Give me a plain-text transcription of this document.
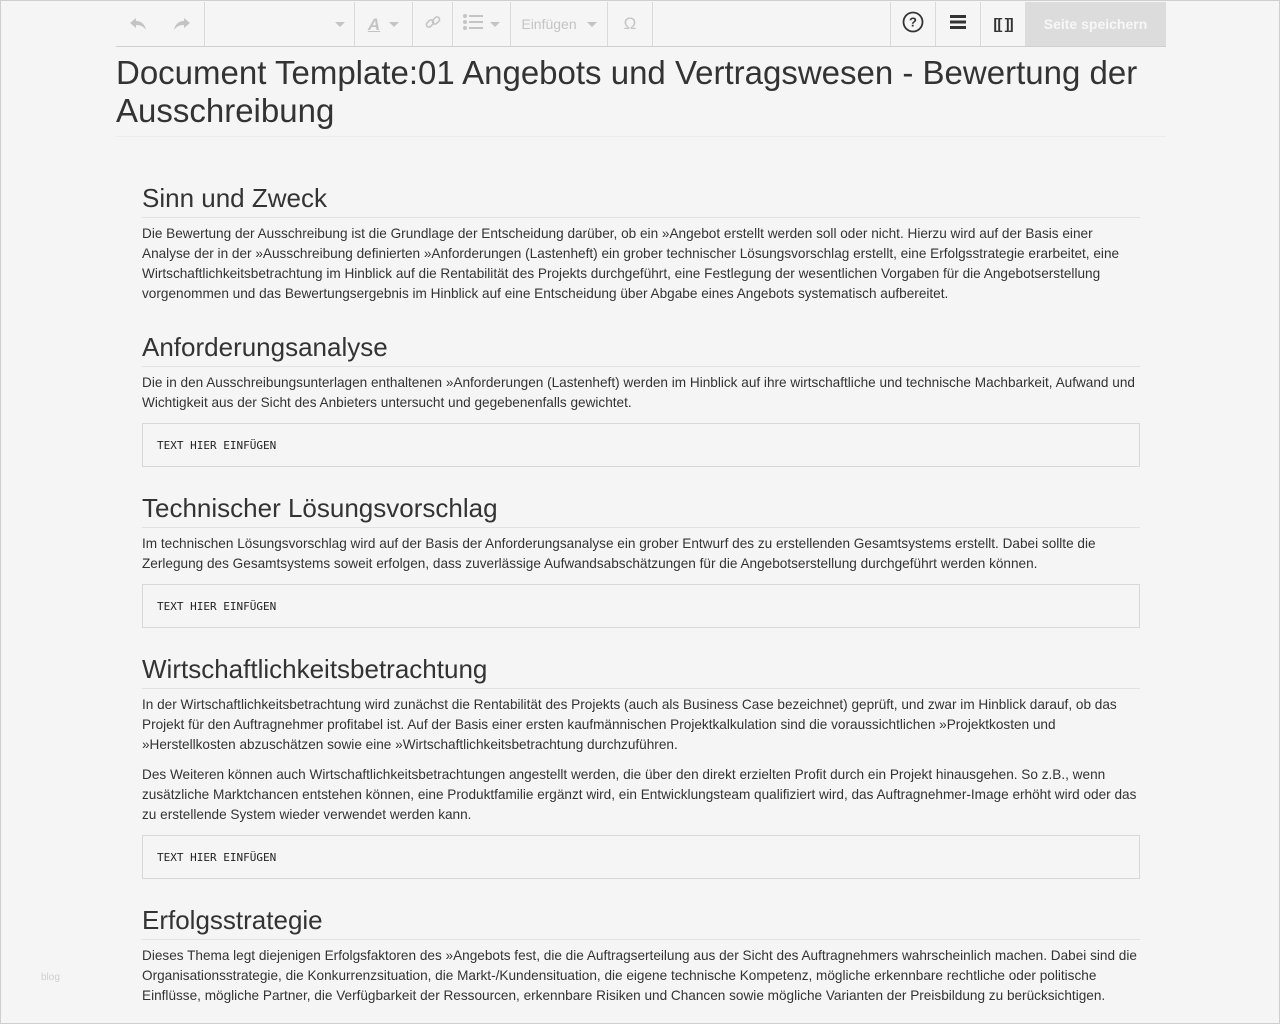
A	Einfügen	Ω	?	[[ ]]	Seite speichern
Document Template:01 Angebots und Vertragswesen - Bewertung der Ausschreibung
Sinn und Zweck

Die Bewertung der Ausschreibung ist die Grundlage der Entscheidung darüber, ob ein »Angebot erstellt werden soll oder nicht. Hierzu wird auf der Basis einer Analyse der in der »Ausschreibung definierten »Anforderungen (Lastenheft) ein grober technischer Lösungsvorschlag erstellt, eine Erfolgsstrategie erarbeitet, eine Wirtschaftlichkeitsbetrachtung im Hinblick auf die Rentabilität des Projekts durchgeführt, eine Festlegung der wesentlichen Vorgaben für die Angebotserstellung vorgenommen und das Bewertungsergebnis im Hinblick auf eine Entscheidung über Abgabe eines Angebots systematisch aufbereitet.

Anforderungsanalyse

Die in den Ausschreibungsunterlagen enthaltenen »Anforderungen (Lastenheft) werden im Hinblick auf ihre wirtschaftliche und technische Machbarkeit, Aufwand und Wichtigkeit aus der Sicht des Anbieters untersucht und gegebenenfalls gewichtet.

TEXT HIER EINFÜGEN
Technischer Lösungsvorschlag

Im technischen Lösungsvorschlag wird auf der Basis der Anforderungsanalyse ein grober Entwurf des zu erstellenden Gesamtsystems erstellt. Dabei sollte die Zerlegung des Gesamtsystems soweit erfolgen, dass zuverlässige Aufwandsabschätzungen für die Angebotserstellung durchgeführt werden können.

TEXT HIER EINFÜGEN
Wirtschaftlichkeitsbetrachtung

In der Wirtschaftlichkeitsbetrachtung wird zunächst die Rentabilität des Projekts (auch als Business Case bezeichnet) geprüft, und zwar im Hinblick darauf, ob das Projekt für den Auftragnehmer profitabel ist. Auf der Basis einer ersten kaufmännischen Projektkalkulation sind die voraussichtlichen »Projektkosten und »Herstellkosten abzuschätzen sowie eine »Wirtschaftlichkeitsbetrachtung durchzuführen.

Des Weiteren können auch Wirtschaftlichkeitsbetrachtungen angestellt werden, die über den direkt erzielten Profit durch ein Projekt hinausgehen. So z.B., wenn zusätzliche Marktchancen entstehen können, eine Produktfamilie ergänzt wird, ein Entwicklungsteam qualifiziert wird, das Auftragnehmer-Image erhöht wird oder das zu erstellende System wieder verwendet werden kann.

TEXT HIER EINFÜGEN
Erfolgsstrategie

Dieses Thema legt diejenigen Erfolgsfaktoren des »Angebots fest, die die Auftragserteilung aus der Sicht des Auftragnehmers wahrscheinlich machen. Dabei sind die Organisationsstrategie, die Konkurrenzsituation, die Markt-/Kundensituation, die eigene technische Kompetenz, mögliche erkennbare rechtliche oder politische Einflüsse, mögliche Partner, die Verfügbarkeit der Ressourcen, erkennbare Risiken und Chancen sowie mögliche Varianten der Preisbildung zu berücksichtigen.

blog
